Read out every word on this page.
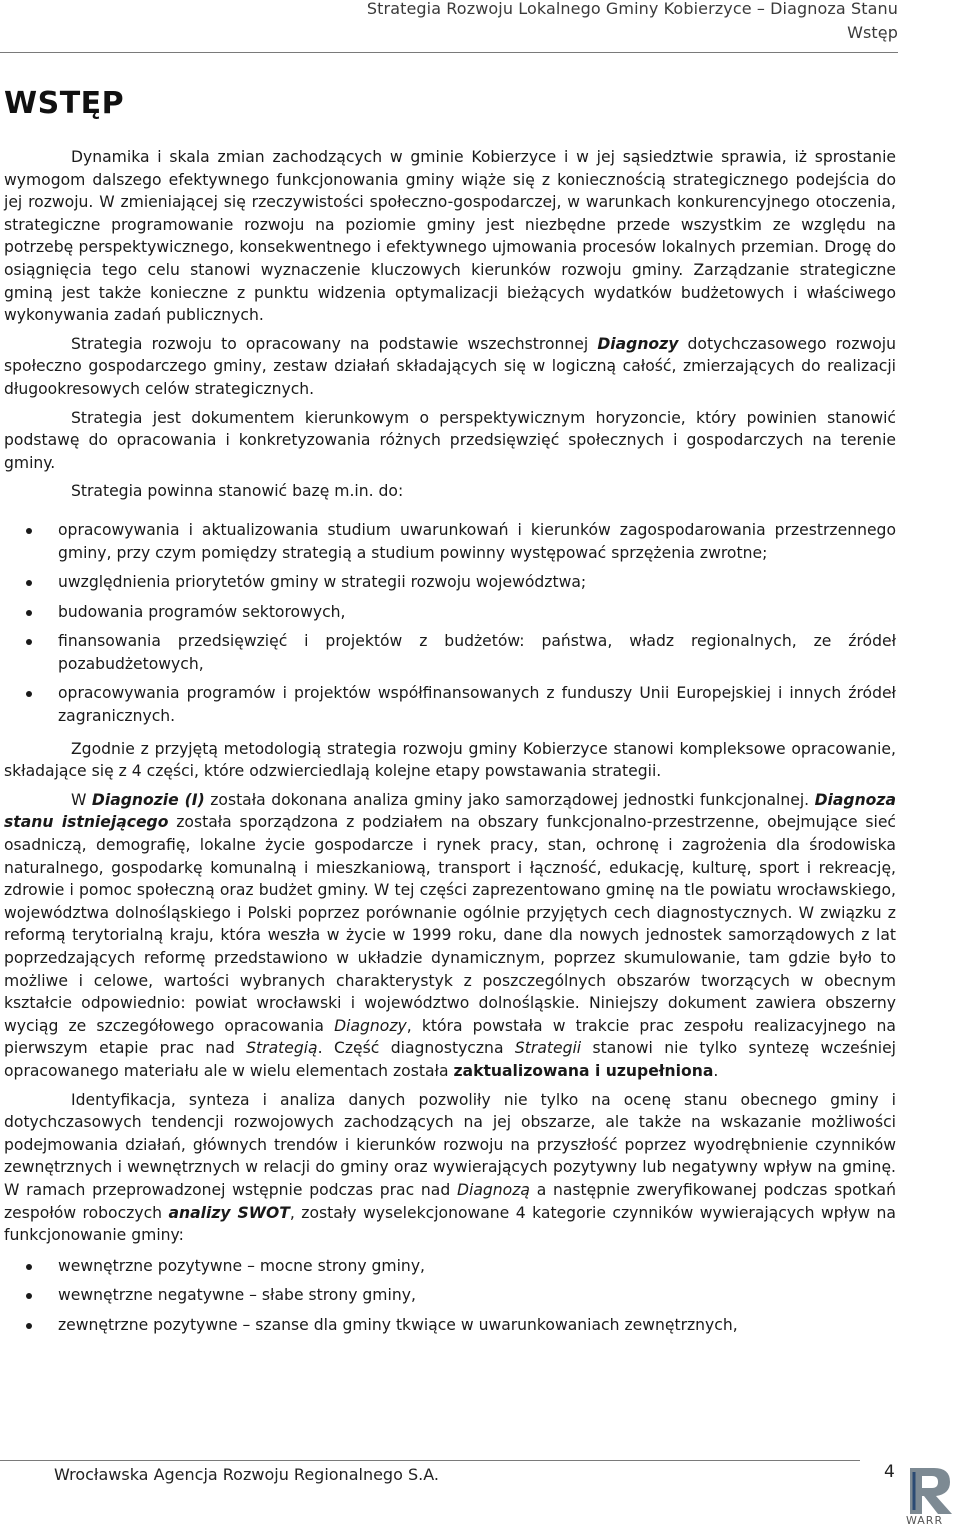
Strategia Rozwoju Lokalnego Gminy Kobierzyce – Diagnoza Stanu
Wstęp
WSTĘP

Dynamika i skala zmian zachodzących w gminie Kobierzyce i w jej sąsiedztwie sprawia, iż sprostanie wymogom dalszego efektywnego funkcjonowania gminy wiąże się z koniecznością strategicznego podejścia do jej rozwoju. W zmieniającej się rzeczywistości społeczno-gospodarczej, w warunkach konkurencyjnego otoczenia, strategiczne programowanie rozwoju na poziomie gminy jest niezbędne przede wszystkim ze względu na potrzebę perspektywicznego, konsekwentnego i efektywnego ujmowania procesów lokalnych przemian. Drogę do osiągnięcia tego celu stanowi wyznaczenie kluczowych kierunków rozwoju gminy. Zarządzanie strategiczne gminą jest także konieczne z punktu widzenia optymalizacji bieżących wydatków budżetowych i właściwego wykonywania zadań publicznych.

Strategia rozwoju to opracowany na podstawie wszechstronnej Diagnozy dotychczasowego rozwoju społeczno gospodarczego gminy, zestaw działań składających się w logiczną całość, zmierzających do realizacji długookresowych celów strategicznych.

Strategia jest dokumentem kierunkowym o perspektywicznym horyzoncie, który powinien stanowić podstawę do opracowania i konkretyzowania różnych przedsięwzięć społecznych i gospodarczych na terenie gminy.

Strategia powinna stanowić bazę m.in. do:

opracowywania i aktualizowania studium uwarunkowań i kierunków zagospodarowania przestrzennego gminy, przy czym pomiędzy strategią a studium powinny występować sprzężenia zwrotne;
uwzględnienia priorytetów gminy w strategii rozwoju województwa;
budowania programów sektorowych,
finansowania przedsięwzięć i projektów z budżetów: państwa, władz regionalnych, ze źródeł pozabudżetowych,
opracowywania programów i projektów współfinansowanych z funduszy Unii Europejskiej i innych źródeł zagranicznych.

Zgodnie z przyjętą metodologią strategia rozwoju gminy Kobierzyce stanowi kompleksowe opracowanie, składające się z 4 części, które odzwierciedlają kolejne etapy powstawania strategii.

W Diagnozie (I) została dokonana analiza gminy jako samorządowej jednostki funkcjonalnej. Diagnoza stanu istniejącego została sporządzona z podziałem na obszary funkcjonalno-przestrzenne, obejmujące sieć osadniczą, demografię, lokalne życie gospodarcze i rynek pracy, stan, ochronę i zagrożenia dla środowiska naturalnego, gospodarkę komunalną i mieszkaniową, transport i łączność, edukację, kulturę, sport i rekreację, zdrowie i pomoc społeczną oraz budżet gminy. W tej części zaprezentowano gminę na tle powiatu wrocławskiego, województwa dolnośląskiego i Polski poprzez porównanie ogólnie przyjętych cech diagnostycznych. W związku z reformą terytorialną kraju, która weszła w życie w 1999 roku, dane dla nowych jednostek samorządowych z lat poprzedzających reformę przedstawiono w układzie dynamicznym, poprzez skumulowanie, tam gdzie było to możliwe i celowe, wartości wybranych charakterystyk z poszczególnych obszarów tworzących w obecnym kształcie odpowiednio: powiat wrocławski i województwo dolnośląskie. Niniejszy dokument zawiera obszerny wyciąg ze szczegółowego opracowania Diagnozy, która powstała w trakcie prac zespołu realizacyjnego na pierwszym etapie prac nad Strategią. Część diagnostyczna Strategii stanowi nie tylko syntezę wcześniej opracowanego materiału ale w wielu elementach została zaktualizowana i uzupełniona.

Identyfikacja, synteza i analiza danych pozwoliły nie tylko na ocenę stanu obecnego gminy i dotychczasowych tendencji rozwojowych zachodzących na jej obszarze, ale także na wskazanie możliwości podejmowania działań, głównych trendów i kierunków rozwoju na przyszłość poprzez wyodrębnienie czynników zewnętrznych i wewnętrznych w relacji do gminy oraz wywierających pozytywny lub negatywny wpływ na gminę. W ramach przeprowadzonej wstępnie podczas prac nad Diagnozą a następnie zweryfikowanej podczas spotkań zespołów roboczych analizy SWOT, zostały wyselekcjonowane 4 kategorie czynników wywierających wpływ na funkcjonowanie gminy:

wewnętrzne pozytywne – mocne strony gminy,
wewnętrzne negatywne – słabe strony gminy,
zewnętrzne pozytywne – szanse dla gminy tkwiące w uwarunkowaniach zewnętrznych,
Wrocławska Agencja Rozwoju Regionalnego S.A.	4
WARR
